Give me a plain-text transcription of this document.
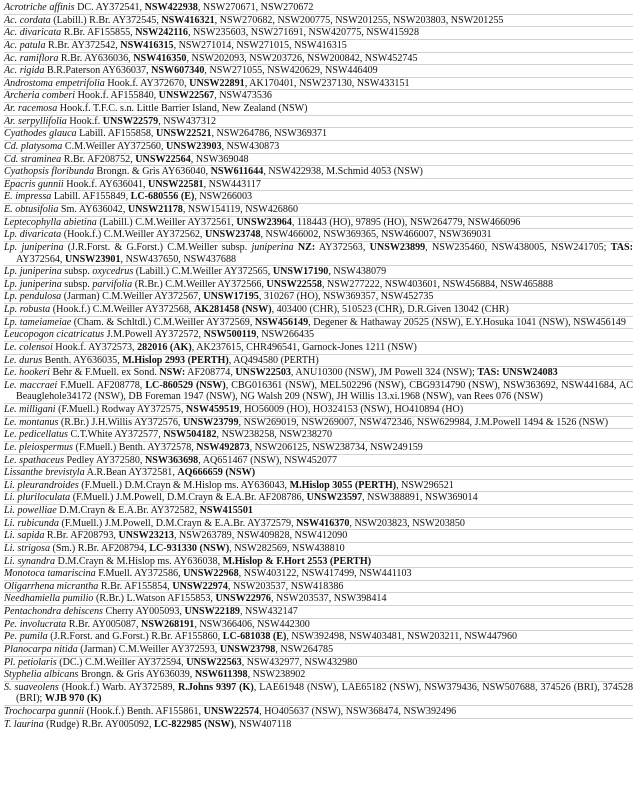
Acrotriche affinis DC. AY372541, NSW422938, NSW270671, NSW270672
Ac. cordata (Labill.) R.Br. AY372545, NSW416321, NSW270682, NSW200775, NSW201255, NSW203803, NSW201255
Ac. divaricata R.Br. AF155855, NSW242116, NSW235603, NSW271691, NSW420775, NSW415928
Ac. patula R.Br. AY372542, NSW416315, NSW271014, NSW271015, NSW416315
Ac. ramiflora R.Br. AY636036, NSW416350, NSW202093, NSW203726, NSW200842, NSW452745
Ac. rigida B.R.Paterson AY636037, NSW607340, NSW271055, NSW420629, NSW446409
Androstoma empetrifolia Hook.f. AY372670, UNSW22891, AK170401, NSW237130, NSW433151
Archeria comberi Hook.f. AF155840, UNSW22567, NSW473536
Ar. racemosa Hook.f. T.F.C. s.n. Little Barrier Island, New Zealand (NSW)
Ar. serpyllifolia Hook.f. UNSW22579, NSW437312
Cyathodes glauca Labill. AF155858, UNSW22521, NSW264786, NSW369371
Cd. platysoma C.M.Weiller AY372560, UNSW23903, NSW430873
Cd. straminea R.Br. AF208752, UNSW22564, NSW369048
Cyathopsis floribunda Brongn. & Gris AY636040, NSW611644, NSW422938, M.Schmid 4053 (NSW)
Epacris gunnii Hook.f. AY636041, UNSW22581, NSW443117
E. impressa Labill. AF155849, LC-680556 (E), NSW266003
E. obtusifolia Sm. AY636042, UNSW21178, NSW154119, NSW426860
Leptecophylla abietina (Labill.) C.M.Weiller AY372561, UNSW23964, 118443 (HO), 97895 (HO), NSW264779, NSW466096
Lp. divaricata (Hook.f.) C.M.Weiller AY372562, UNSW23748, NSW466002, NSW369365, NSW466007, NSW369031
Lp. juniperina (J.R.Forst. & G.Forst.) C.M.Weiller subsp. juniperina NZ: AY372563, UNSW23899, NSW235460, NSW438005, NSW241705; TAS: AY372564, UNSW23901, NSW437650, NSW437688
Lp. juniperina subsp. oxycedrus (Labill.) C.M.Weiller AY372565, UNSW17190, NSW438079
Lp. juniperina subsp. parvifolia (R.Br.) C.M.Weiller AY372566, UNSW22558, NSW277222, NSW403601, NSW456884, NSW465888
Lp. pendulosa (Jarman) C.M.Weiller AY372567, UNSW17195, 310267 (HO), NSW369357, NSW452735
Lp. robusta (Hook.f.) C.M.Weiller AY372568, AK281458 (NSW), 403400 (CHR), 510523 (CHR), D.R.Given 13042 (CHR)
Lp. tameiameiae (Cham. & Schltdl.) C.M.Weiller AY372569, NSW456149, Degener & Hathaway 20525 (NSW), E.Y.Hosuka 1041 (NSW), NSW456149
Leucopogon cicatricatus J.M.Powell AY372572, NSW500119, NSW266435
Le. colensoi Hook.f. AY372573, 282016 (AK), AK237615, CHR496541, Garnock-Jones 1211 (NSW)
Le. durus Benth. AY636035, M.Hislop 2993 (PERTH), AQ494580 (PERTH)
Le. hookeri Behr & F.Muell. ex Sond. NSW: AF208774, UNSW22503, ANU10300 (NSW), JM Powell 324 (NSW); TAS: UNSW24083
Le. maccraei F.Muell. AF208778, LC-860529 (NSW), CBG016361 (NSW), MEL502296 (NSW), CBG9314790 (NSW), NSW363692, NSW441684, AC Beauglehole34172 (NSW), DB Foreman 1947 (NSW), NG Walsh 209 (NSW), JH Willis 13.xi.1968 (NSW), van Rees 076 (NSW)
Le. milligani (F.Muell.) Rodway AY372575, NSW459519, HO56009 (HO), HO324153 (NSW), HO410894 (HO)
Le. montanus (R.Br.) J.H.Willis AY372576, UNSW23799, NSW269019, NSW269007, NSW472346, NSW629984, J.M.Powell 1494 & 1526 (NSW)
Le. pedicellatus C.T.White AY372577, NSW504182, NSW238258, NSW238270
Le. pleiospermus (F.Muell.) Benth. AY372578, NSW492873, NSW206125, NSW238734, NSW249159
Le. spathaceus Pedley AY372580, NSW363698, AQ651467 (NSW), NSW452077
Lissanthe brevistyla A.R.Bean AY372581, AQ666659 (NSW)
Li. pleurandroides (F.Muell.) D.M.Crayn & M.Hislop ms. AY636043, M.Hislop 3055 (PERTH), NSW296521
Li. pluriloculata (F.Muell.) J.M.Powell, D.M.Crayn & E.A.Br. AF208786, UNSW23597, NSW388891, NSW369014
Li. powelliae D.M.Crayn & E.A.Br. AY372582, NSW415501
Li. rubicunda (F.Muell.) J.M.Powell, D.M.Crayn & E.A.Br. AY372579, NSW416370, NSW203823, NSW203850
Li. sapida R.Br. AF208793, UNSW23213, NSW263789, NSW409828, NSW412090
Li. strigosa (Sm.) R.Br. AF208794, LC-931330 (NSW), NSW282569, NSW438810
Li. synandra D.M.Crayn & M.Hislop ms. AY636038, M.Hislop & F.Hort 2553 (PERTH)
Monotoca tamariscina F.Muell. AY372586, UNSW22968, NSW403122, NSW417499, NSW441103
Oligarrhena micrantha R.Br. AF155854, UNSW22974, NSW203537, NSW418386
Needhamiella pumilio (R.Br.) L.Watson AF155853, UNSW22976, NSW203537, NSW398414
Pentachondra dehiscens Cherry AY005093, UNSW22189, NSW432147
Pe. involucrata R.Br. AY005087, NSW268191, NSW366406, NSW442300
Pe. pumila (J.R.Forst. and G.Forst.) R.Br. AF155860, LC-681038 (E), NSW392498, NSW403481, NSW203211, NSW447960
Planocarpa nitida (Jarman) C.M.Weiller AY372593, UNSW23798, NSW264785
Pl. petiolaris (DC.) C.M.Weiller AY372594, UNSW22563, NSW432977, NSW432980
Styphelia albicans Brongn. & Gris AY636039, NSW611398, NSW238902
S. suaveolens (Hook.f.) Warb. AY372589, R.Johns 9397 (K), LAE61948 (NSW), LAE65182 (NSW), NSW379436, NSW507688, 374526 (BRI), 374528 (BRI); WJB 970 (K)
Trochocarpa gunnii (Hook.f.) Benth. AF155861, UNSW22574, HO405637 (NSW), NSW368474, NSW392496
T. laurina (Rudge) R.Br. AY005092, LC-822985 (NSW), NSW407118
